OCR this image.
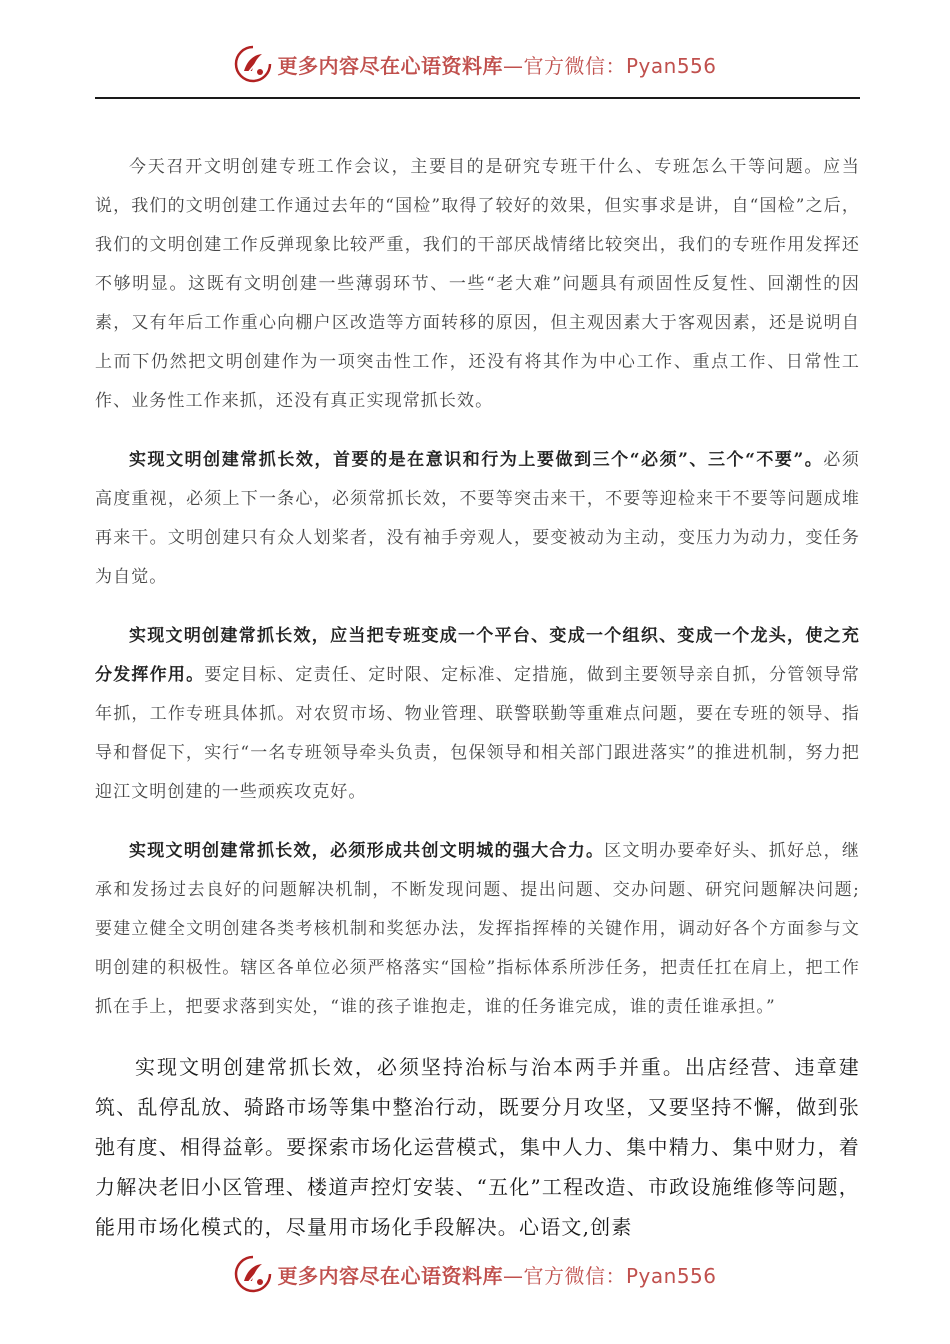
更多内容尽在心语资料库—官方微信：Pyan556

今天召开文明创建专班工作会议，主要目的是研究专班干什么、专班怎么干等问题。应当说，我们的文明创建工作通过去年的“国检”取得了较好的效果，但实事求是讲，自“国检”之后，我们的文明创建工作反弹现象比较严重，我们的干部厌战情绪比较突出，我们的专班作用发挥还不够明显。这既有文明创建一些薄弱环节、一些“老大难”问题具有顽固性反复性、回潮性的因素，又有年后工作重心向棚户区改造等方面转移的原因，但主观因素大于客观因素，还是说明自上而下仍然把文明创建作为一项突击性工作，还没有将其作为中心工作、重点工作、日常性工作、业务性工作来抓，还没有真正实现常抓长效。

实现文明创建常抓长效，首要的是在意识和行为上要做到三个“必须”、三个“不要”。必须高度重视，必须上下一条心，必须常抓长效，不要等突击来干，不要等迎检来干不要等问题成堆再来干。文明创建只有众人划桨者，没有袖手旁观人，要变被动为主动，变压力为动力，变任务为自觉。

实现文明创建常抓长效，应当把专班变成一个平台、变成一个组织、变成一个龙头，使之充分发挥作用。要定目标、定责任、定时限、定标准、定措施，做到主要领导亲自抓，分管领导常年抓，工作专班具体抓。对农贸市场、物业管理、联警联勤等重难点问题，要在专班的领导、指导和督促下，实行“一名专班领导牵头负责，包保领导和相关部门跟进落实”的推进机制，努力把迎江文明创建的一些顽疾攻克好。

实现文明创建常抓长效，必须形成共创文明城的强大合力。区文明办要牵好头、抓好总，继承和发扬过去良好的问题解决机制，不断发现问题、提出问题、交办问题、研究问题解决问题;要建立健全文明创建各类考核机制和奖惩办法，发挥指挥棒的关键作用，调动好各个方面参与文明创建的积极性。辖区各单位必须严格落实“国检”指标体系所涉任务，把责任扛在肩上，把工作抓在手上，把要求落到实处，“谁的孩子谁抱走，谁的任务谁完成，谁的责任谁承担。”

实现文明创建常抓长效，必须坚持治标与治本两手并重。出店经营、违章建筑、乱停乱放、骑路市场等集中整治行动，既要分月攻坚，又要坚持不懈，做到张弛有度、相得益彰。要探索市场化运营模式，集中人力、集中精力、集中财力，着力解决老旧小区管理、楼道声控灯安装、“五化”工程改造、市政设施维修等问题，能用市场化模式的，尽量用市场化手段解决。心语文,创素

更多内容尽在心语资料库—官方微信：Pyan556
